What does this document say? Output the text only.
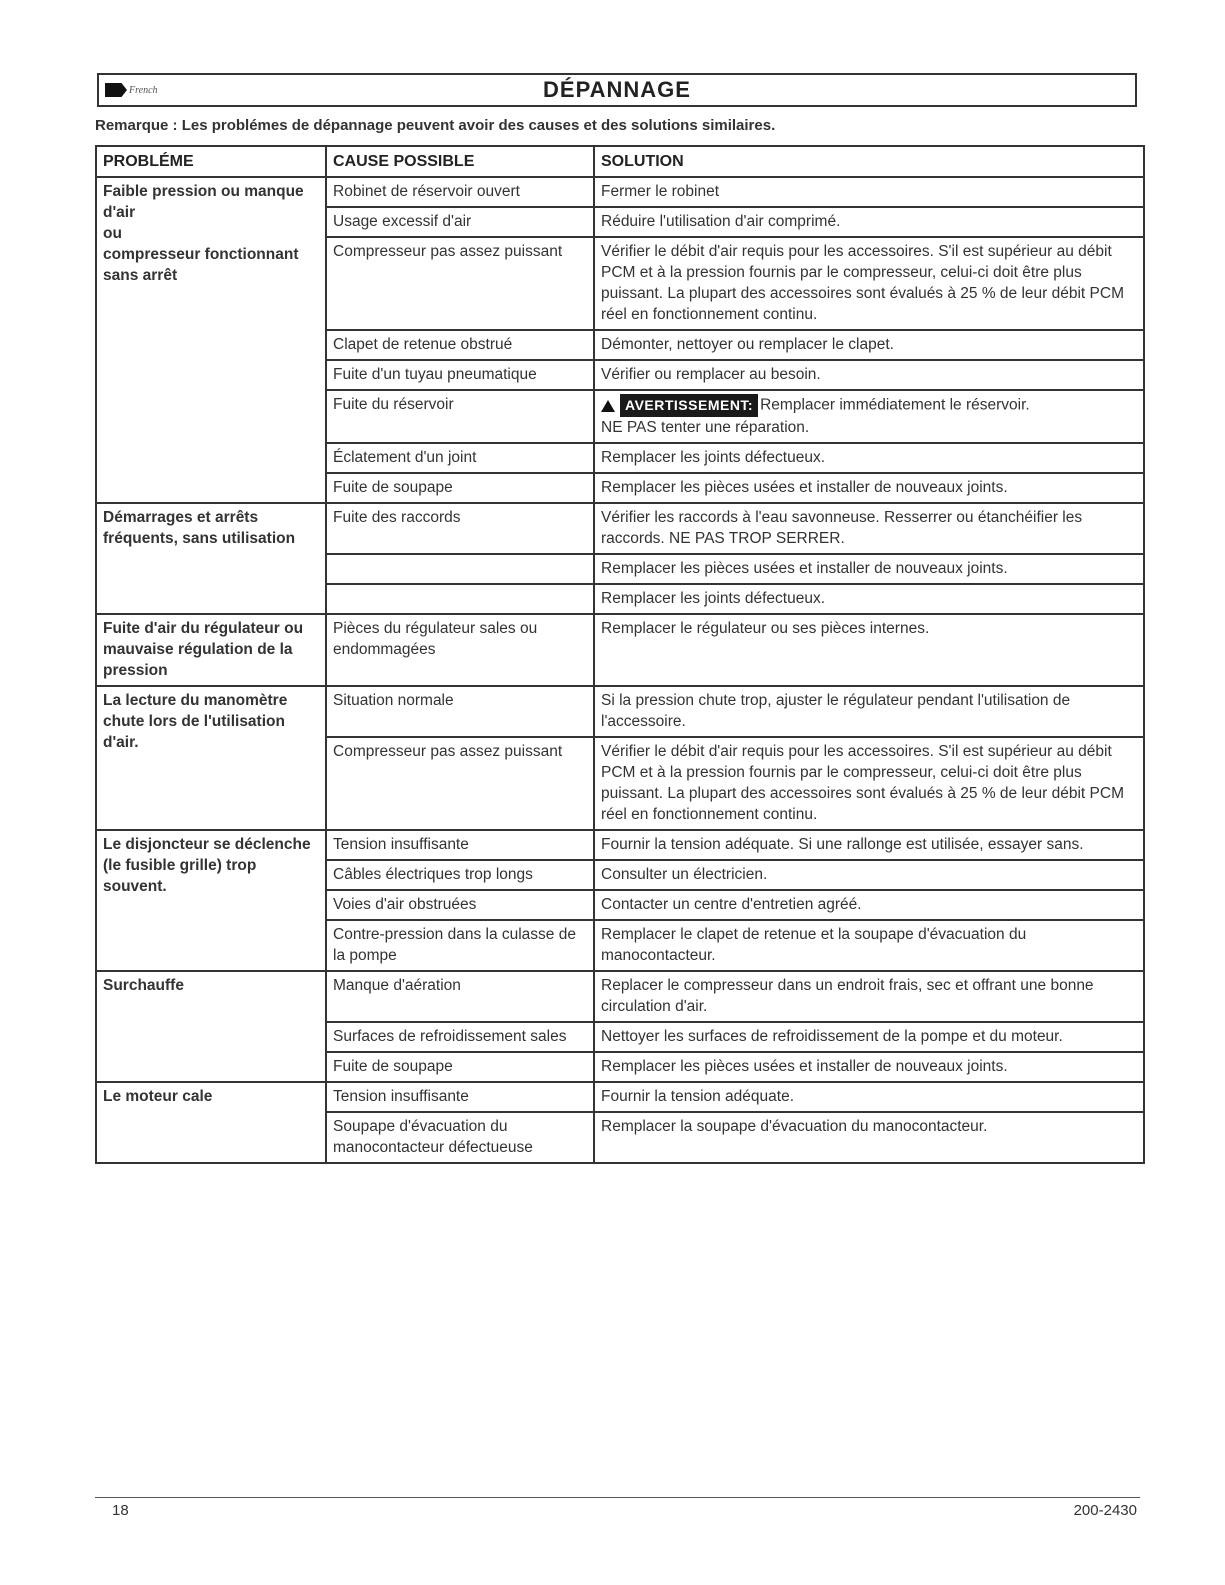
French	DÉPANNAGE
Remarque : Les problémes de dépannage peuvent avoir des causes et des solutions similaires.
PROBLÉME	CAUSE POSSIBLE	SOLUTION
Faible pression ou manque d'air
ou
compresseur fonctionnant sans arrêt	Robinet de réservoir ouvert	Fermer le robinet
	Usage excessif d'air	Réduire l'utilisation d'air comprimé.
	Compresseur pas assez puissant	Vérifier le débit d'air requis pour les accessoires. S'il est supérieur au débit PCM et à la pression fournis par le compresseur, celui-ci doit être plus puissant. La plupart des accessoires sont évalués à 25 % de leur débit PCM réel en fonctionnement continu.
	Clapet de retenue obstrué	Démonter, nettoyer ou remplacer le clapet.
	Fuite d'un tuyau pneumatique	Vérifier ou remplacer au besoin.
	Fuite du réservoir	AVERTISSEMENT: Remplacer immédiatement le réservoir.
NE PAS tenter une réparation.

	Éclatement d'un joint	Remplacer les joints défectueux.
	Fuite de soupape	Remplacer les pièces usées et installer de nouveaux joints.
Démarrages et arrêts fréquents, sans utilisation	Fuite des raccords	Vérifier les raccords à l'eau savonneuse. Resserrer ou étanchéifier les raccords. NE PAS TROP SERRER.
		Remplacer les pièces usées et installer de nouveaux joints.
		Remplacer les joints défectueux.
Fuite d'air du régulateur ou mauvaise régulation de la pression	Pièces du régulateur sales ou endommagées	Remplacer le régulateur ou ses pièces internes.
La lecture du manomètre chute lors de l'utilisation d'air.	Situation normale	Si la pression chute trop, ajuster le régulateur pendant l'utilisation de l'accessoire.
	Compresseur pas assez puissant	Vérifier le débit d'air requis pour les accessoires. S'il est supérieur au débit PCM et à la pression fournis par le compresseur, celui-ci doit être plus puissant. La plupart des accessoires sont évalués à 25 % de leur débit PCM réel en fonctionnement continu.
Le disjoncteur se déclenche (le fusible grille) trop souvent.	Tension insuffisante	Fournir la tension adéquate. Si une rallonge est utilisée, essayer sans.
	Câbles électriques trop longs	Consulter un électricien.
	Voies d'air obstruées	Contacter un centre d'entretien agréé.
	Contre-pression dans la culasse de la pompe	Remplacer le clapet de retenue et la soupape d'évacuation du manocontacteur.
Surchauffe	Manque d'aération	Replacer le compresseur dans un endroit frais, sec et offrant une bonne circulation d'air.
	Surfaces de refroidissement sales	Nettoyer les surfaces de refroidissement de la pompe et du moteur.
	Fuite de soupape	Remplacer les pièces usées et installer de nouveaux joints.
Le moteur cale	Tension insuffisante	Fournir la tension adéquate.
	Soupape d'évacuation du manocontacteur défectueuse	Remplacer la soupape d'évacuation du manocontacteur.
18	200-2430
